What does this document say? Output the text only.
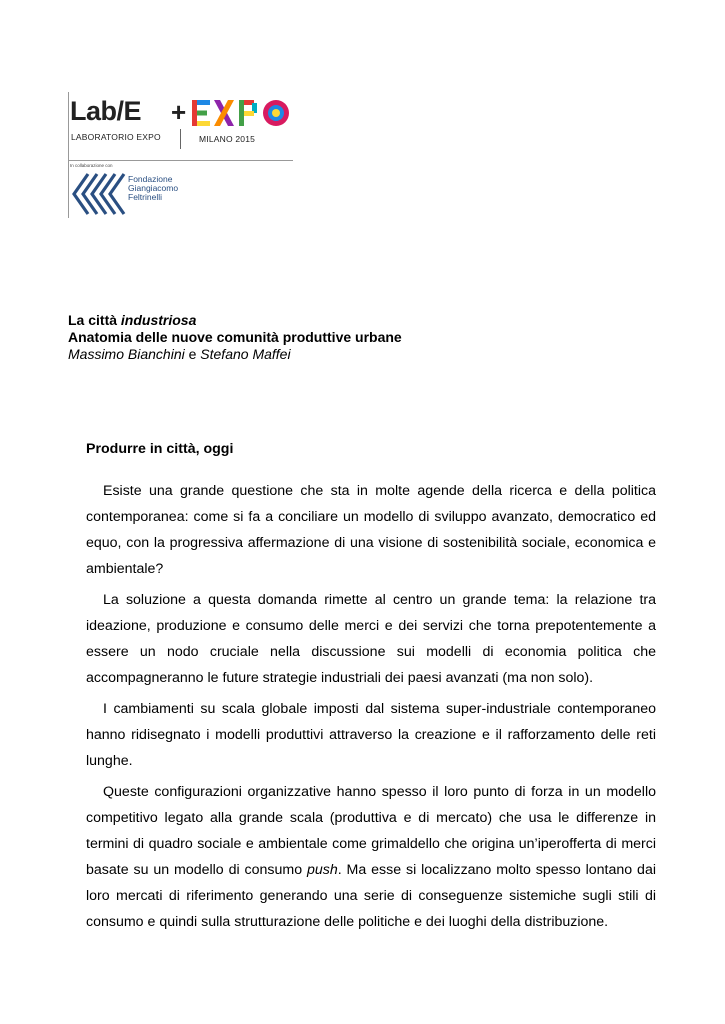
Lab/E
LABORATORIO EXPO
+
MILANO 2015
In collaborazione con
Fondazione
Giangiacomo
Feltrinelli
La città industriosa
Anatomia delle nuove comunità produttive urbane
Massimo Bianchini e Stefano Maffei
Produrre in città, oggi

Esiste una grande questione che sta in molte agende della ricerca e della politica contemporanea: come si fa a conciliare un modello di sviluppo avanzato, democratico ed equo, con la progressiva affermazione di una visione di sostenibilità sociale, economica e ambientale?

La soluzione a questa domanda rimette al centro un grande tema: la relazione tra ideazione, produzione e consumo delle merci e dei servizi che torna prepotentemente a essere un nodo cruciale nella discussione sui modelli di economia politica che accompagneranno le future strategie industriali dei paesi avanzati (ma non solo).

I cambiamenti su scala globale imposti dal sistema super-industriale contemporaneo hanno ridisegnato i modelli produttivi attraverso la creazione e il rafforzamento delle reti lunghe.

Queste configurazioni organizzative hanno spesso il loro punto di forza in un modello competitivo legato alla grande scala (produttiva e di mercato) che usa le differenze in termini di quadro sociale e ambientale come grimaldello che origina un’iperofferta di merci basate su un modello di consumo push. Ma esse si localizzano molto spesso lontano dai loro mercati di riferimento generando una serie di conseguenze sistemiche sugli stili di consumo e quindi sulla strutturazione delle politiche e dei luoghi della distribuzione.
